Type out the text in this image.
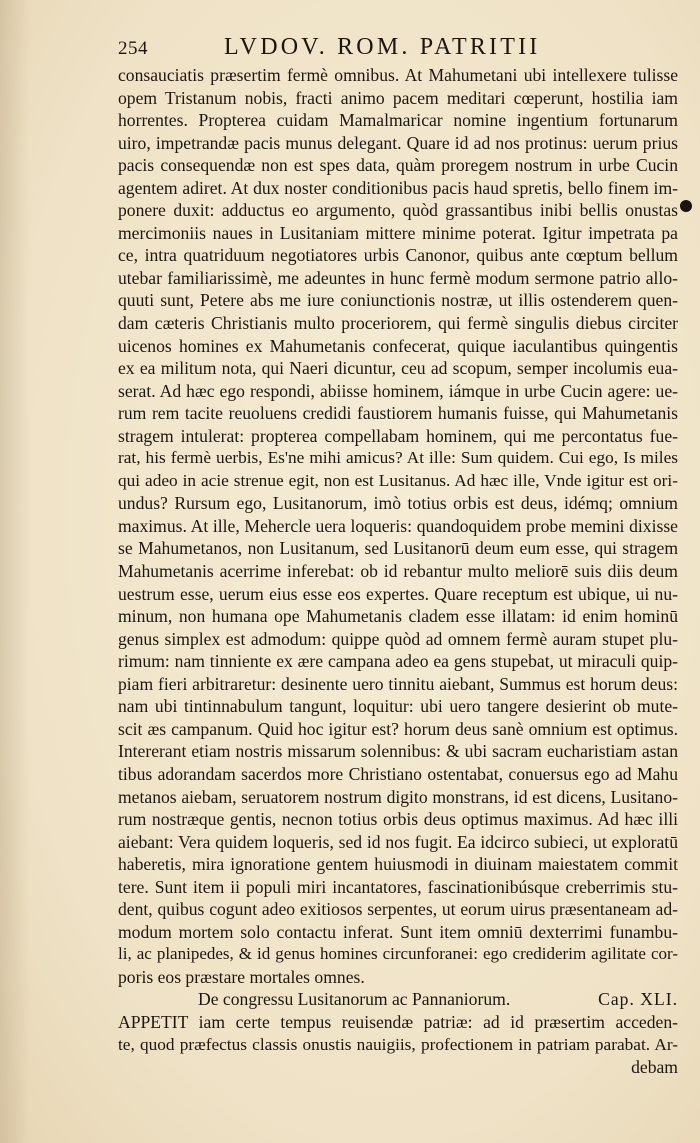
254	LVDOV. ROM. PATRITII
consauciatis præsertim fermè omnibus. At Mahumetani ubi intellexere tulisse
opem Tristanum nobis, fracti animo pacem meditari cœperunt, hostilia iam
horrentes. Propterea cuidam Mamalmaricar nomine ingentium fortunarum
uiro, impetrandæ pacis munus delegant. Quare id ad nos protinus: uerum prius
pacis consequendæ non est spes data, quàm proregem nostrum in urbe Cucin
agentem adiret. At dux noster conditionibus pacis haud spretis, bello finem im-
ponere duxit: adductus eo argumento, quòd grassantibus inibi bellis onustas
mercimoniis naues in Lusitaniam mittere minime poterat. Igitur impetrata pa
ce, intra quatriduum negotiatores urbis Canonor, quibus ante cœptum bellum
utebar familiarissimè, me adeuntes in hunc fermè modum sermone patrio allo-
quuti sunt, Petere abs me iure coniunctionis nostræ, ut illis ostenderem quen-
dam cæteris Christianis multo proceriorem, qui fermè singulis diebus circiter
uicenos homines ex Mahumetanis confecerat, quique iaculantibus quingentis
ex ea militum nota, qui Naeri dicuntur, ceu ad scopum, semper incolumis eua-
serat. Ad hæc ego respondi, abiisse hominem, iámque in urbe Cucin agere: ue-
rum rem tacite reuoluens credidi faustiorem humanis fuisse, qui Mahumetanis
stragem intulerat: propterea compellabam hominem, qui me percontatus fue-
rat, his fermè uerbis, Es'ne mihi amicus? At ille: Sum quidem. Cui ego, Is miles
qui adeo in acie strenue egit, non est Lusitanus. Ad hæc ille, Vnde igitur est ori-
undus? Rursum ego, Lusitanorum, imò totius orbis est deus, idémq; omnium
maximus. At ille, Mehercle uera loqueris: quandoquidem probe memini dixisse
se Mahumetanos, non Lusitanum, sed Lusitanorū deum eum esse, qui stragem
Mahumetanis acerrime inferebat: ob id rebantur multo meliorē suis diis deum
uestrum esse, uerum eius esse eos expertes. Quare receptum est ubique, ui nu-
minum, non humana ope Mahumetanis cladem esse illatam: id enim hominū
genus simplex est admodum: quippe quòd ad omnem fermè auram stupet plu-
rimum: nam tinniente ex ære campana adeo ea gens stupebat, ut miraculi quip-
piam fieri arbitraretur: desinente uero tinnitu aiebant, Summus est horum deus:
nam ubi tintinnabulum tangunt, loquitur: ubi uero tangere desierint ob mute-
scit æs campanum. Quid hoc igitur est? horum deus sanè omnium est optimus.
Intererant etiam nostris missarum solennibus: & ubi sacram eucharistiam astan
tibus adorandam sacerdos more Christiano ostentabat, conuersus ego ad Mahu
metanos aiebam, seruatorem nostrum digito monstrans, id est dicens, Lusitano-
rum nostræque gentis, necnon totius orbis deus optimus maximus. Ad hæc illi
aiebant: Vera quidem loqueris, sed id nos fugit. Ea idcirco subieci, ut exploratū
haberetis, mira ignoratione gentem huiusmodi in diuinam maiestatem commit
tere. Sunt item ii populi miri incantatores, fascinationibúsque creberrimis stu-
dent, quibus cogunt adeo exitiosos serpentes, ut eorum uirus præsentaneam ad-
modum mortem solo contactu inferat. Sunt item omniū dexterrimi funambu-
li, ac planipedes, & id genus homines circunforanei: ego crediderim agilitate cor-
poris eos præstare mortales omnes.
De congressu Lusitanorum ac Pannaniorum.	Cap. XLI.
APPETIT iam certe tempus reuisendæ patriæ: ad id præsertim acceden-
te, quod præfectus classis onustis nauigiis, profectionem in patriam parabat. Ar-
debam
